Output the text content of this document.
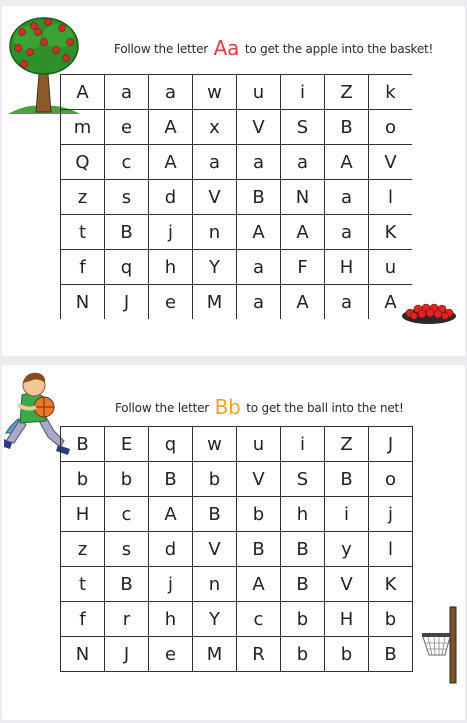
Follow the letter Aa to get the apple into the basket!
A	a	a	w	u	i	Z	k
m	e	A	x	V	S	B	o
Q	c	A	a	a	a	A	V
z	s	d	V	B	N	a	l
t	B	j	n	A	A	a	K
f	q	h	Y	a	F	H	u
N	J	e	M	a	A	a	A
Follow the letter Bb to get the ball into the net!
B	E	q	w	u	i	Z	J
b	b	B	b	V	S	B	o
H	c	A	B	b	h	i	j
z	s	d	V	B	B	y	l
t	B	j	n	A	B	V	K
f	r	h	Y	c	b	H	b
N	J	e	M	R	b	b	B
